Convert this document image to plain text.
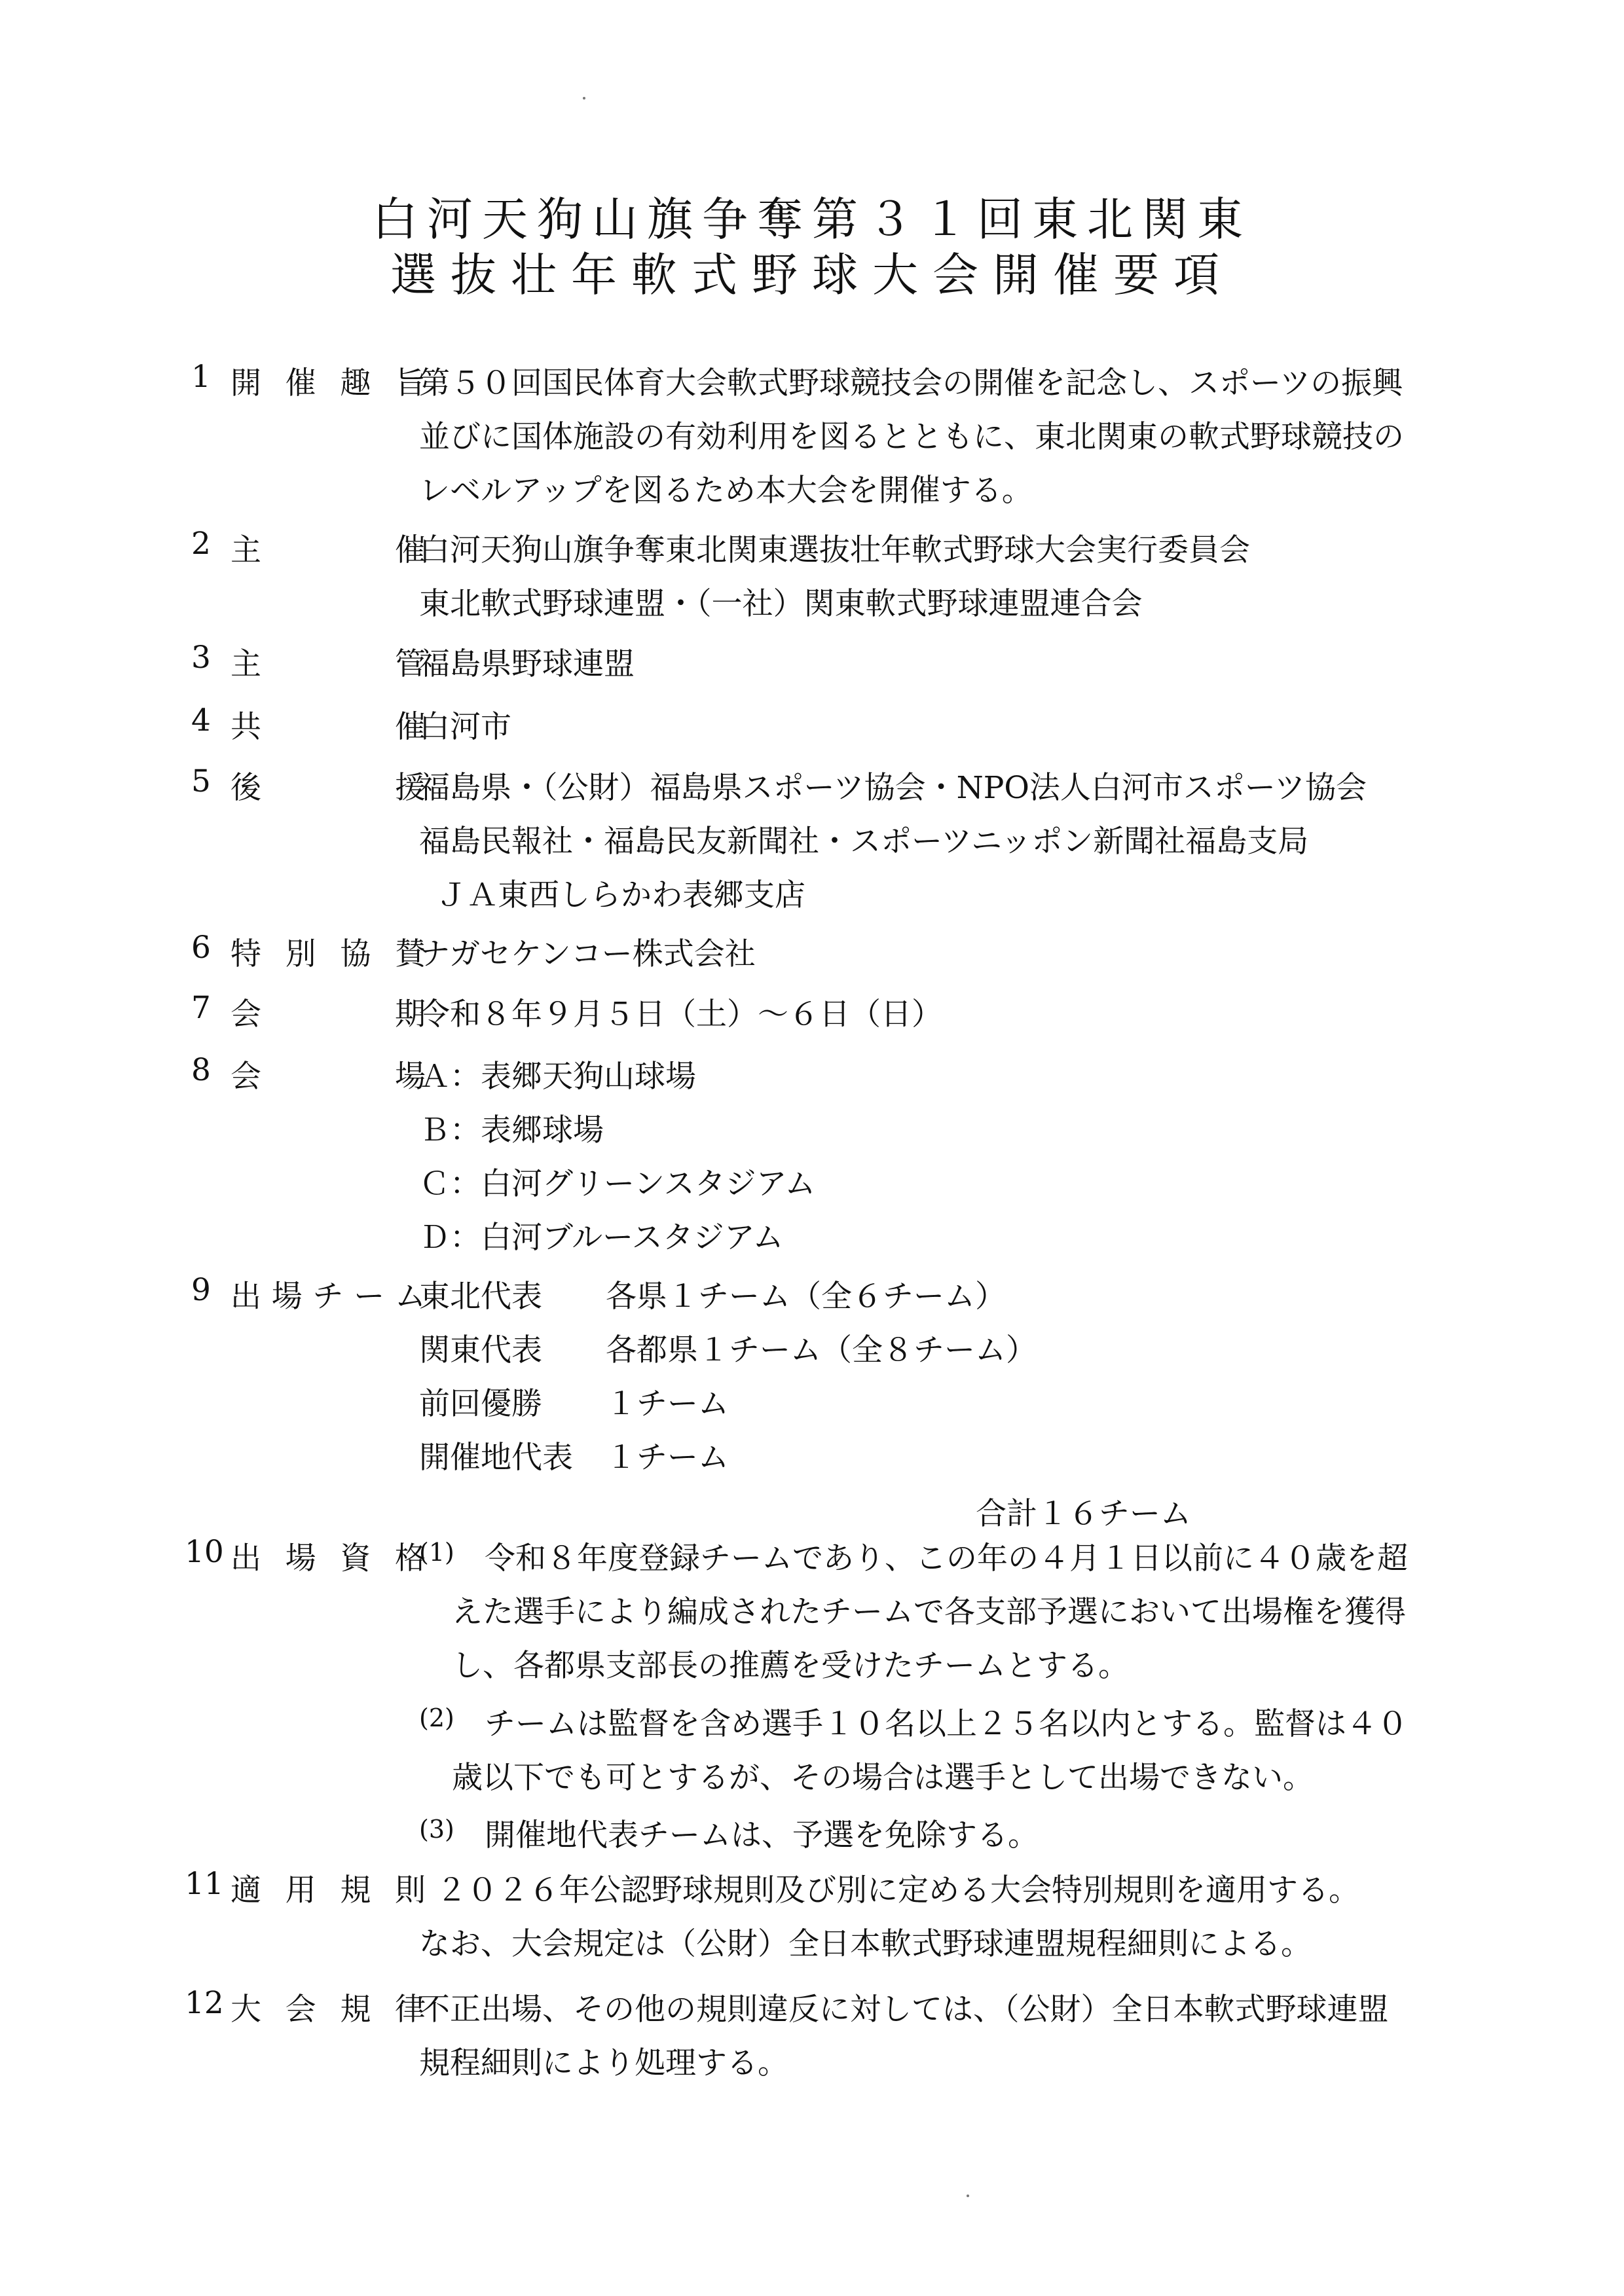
白河天狗山旗争奪第３１回東北関東
選抜壮年軟式野球大会開催要項
1 開 催 趣 旨
第５０回国民体育大会軟式野球競技会の開催を記念し、スポーツの振興
並びに国体施設の有効利用を図るとともに、東北関東の軟式野球競技の
レベルアップを図るため本大会を開催する。
2 主	催
白河天狗山旗争奪東北関東選抜壮年軟式野球大会実行委員会
東北軟式野球連盟・（一社）関東軟式野球連盟連合会
3 主	管
福島県野球連盟
4 共	催
白河市
5 後	援
福島県・（公財）福島県スポーツ協会・NPO法人白河市スポーツ協会
福島民報社・福島民友新聞社・スポーツニッポン新聞社福島支局
ＪＡ東西しらかわ表郷支店
6 特 別 協 賛
ナガセケンコー株式会社
7 会	期
令和８年９月５日（土）～６日（日）
8 会	場
Ａ：表郷天狗山球場
Ｂ：表郷球場
Ｃ：白河グリーンスタジアム
Ｄ：白河ブルースタジアム
9 出 場 チ ー ム
東北代表 各県１チーム（全６チーム）
関東代表 各都県１チーム（全８チーム）
前回優勝 １チーム
開催地代表 １チーム
合計１６チーム
10 出 場 資 格
(1) 令和８年度登録チームであり、この年の４月１日以前に４０歳を超
えた選手により編成されたチームで各支部予選において出場権を獲得
し、各都県支部長の推薦を受けたチームとする。
(2) チームは監督を含め選手１０名以上２５名以内とする。監督は４０
歳以下でも可とするが、その場合は選手として出場できない。
(3) 開催地代表チームは、予選を免除する。
11 適 用 規 則 ２０２６年公認野球規則及び別に定める大会特別規則を適用する。
なお、大会規定は（公財）全日本軟式野球連盟規程細則による。
12 大 会 規 律
不正出場、その他の規則違反に対しては、（公財）全日本軟式野球連盟
規程細則により処理する。
